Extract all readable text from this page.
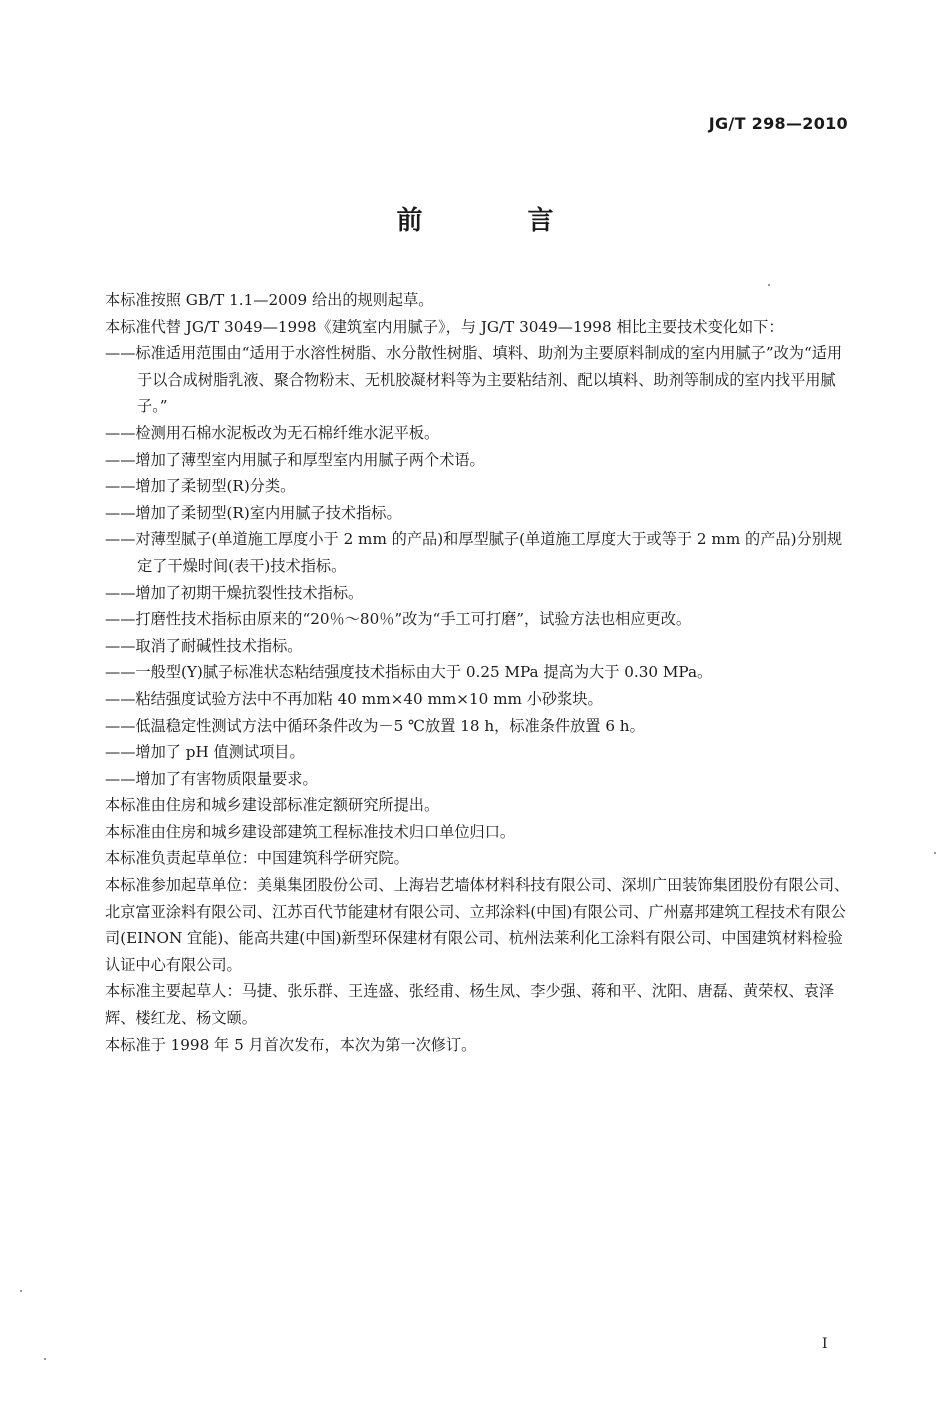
JG/T 298—2010
前 言

本标准按照 GB/T 1.1—2009 给出的规则起草。

本标准代替 JG/T 3049—1998《建筑室内用腻子》，与 JG/T 3049—1998 相比主要技术变化如下：

——标准适用范围由“适用于水溶性树脂、水分散性树脂、填料、助剂为主要原料制成的室内用腻子”改为“适用于以合成树脂乳液、聚合物粉末、无机胶凝材料等为主要粘结剂、配以填料、助剂等制成的室内找平用腻子。”

——检测用石棉水泥板改为无石棉纤维水泥平板。

——增加了薄型室内用腻子和厚型室内用腻子两个术语。

——增加了柔韧型(R)分类。

——增加了柔韧型(R)室内用腻子技术指标。

——对薄型腻子(单道施工厚度小于 2 mm 的产品)和厚型腻子(单道施工厚度大于或等于 2 mm 的产品)分别规定了干燥时间(表干)技术指标。

——增加了初期干燥抗裂性技术指标。

——打磨性技术指标由原来的“20％～80％”改为“手工可打磨”，试验方法也相应更改。

——取消了耐碱性技术指标。

——一般型(Y)腻子标准状态粘结强度技术指标由大于 0.25 MPa 提高为大于 0.30 MPa。

——粘结强度试验方法中不再加粘 40 mm×40 mm×10 mm 小砂浆块。

——低温稳定性测试方法中循环条件改为－5 ℃放置 18 h，标准条件放置 6 h。

——增加了 pH 值测试项目。

——增加了有害物质限量要求。

本标准由住房和城乡建设部标准定额研究所提出。

本标准由住房和城乡建设部建筑工程标准技术归口单位归口。

本标准负责起草单位：中国建筑科学研究院。

本标准参加起草单位：美巢集团股份公司、上海岩艺墙体材料科技有限公司、深圳广田装饰集团股份有限公司、北京富亚涂料有限公司、江苏百代节能建材有限公司、立邦涂料(中国)有限公司、广州嘉邦建筑工程技术有限公司(EINON 宜能)、能高共建(中国)新型环保建材有限公司、杭州法莱利化工涂料有限公司、中国建筑材料检验认证中心有限公司。

本标准主要起草人：马捷、张乐群、王连盛、张经甫、杨生凤、李少强、蒋和平、沈阳、唐磊、黄荣权、袁泽辉、楼红龙、杨文颐。

本标准于 1998 年 5 月首次发布，本次为第一次修订。

I
